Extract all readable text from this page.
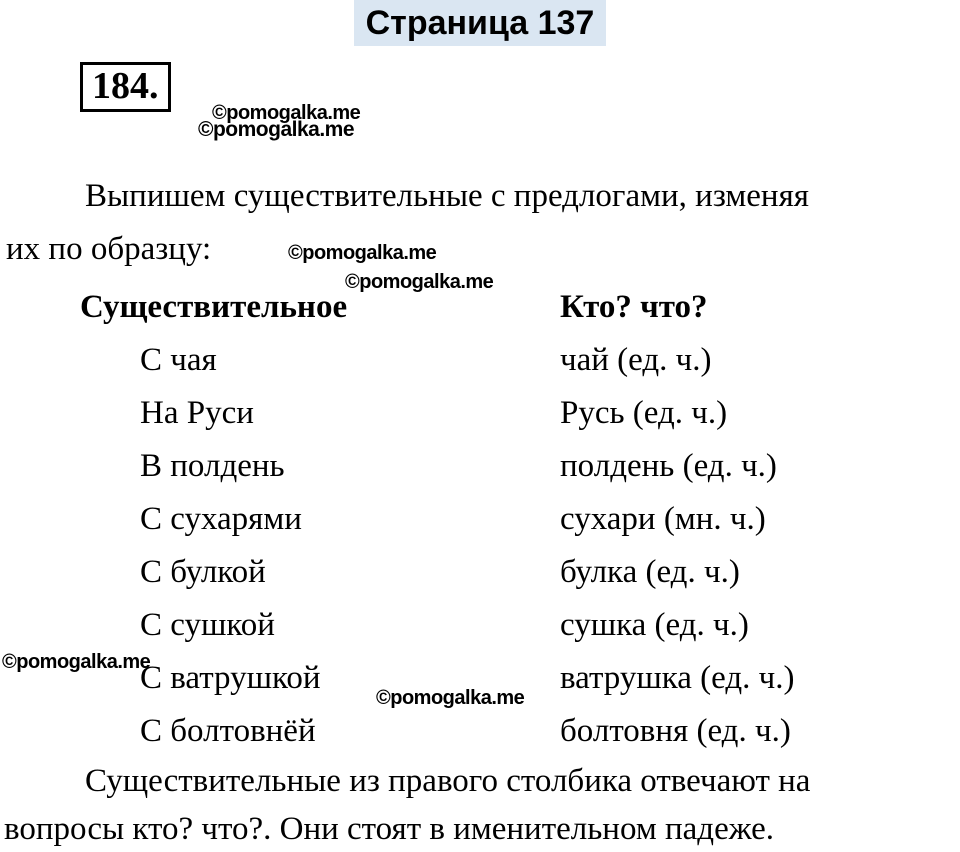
Страница 137
184.
©pomogalka.me
©pomogalka.me
©pomogalka.me
©pomogalka.me
©pomogalka.me
©pomogalka.me
Выпишем существительные с предлогами, изменяя
их по образцу:
Существительное	Кто? что?
С чая	чай (ед. ч.)
На Руси	Русь (ед. ч.)
В полдень	полдень (ед. ч.)
С сухарями	сухари (мн. ч.)
С булкой	булка (ед. ч.)
С сушкой	сушка (ед. ч.)
С ватрушкой	ватрушка (ед. ч.)
С болтовнёй	болтовня (ед. ч.)
Существительные из правого столбика отвечают на
вопросы кто? что?. Они стоят в именительном падеже.
